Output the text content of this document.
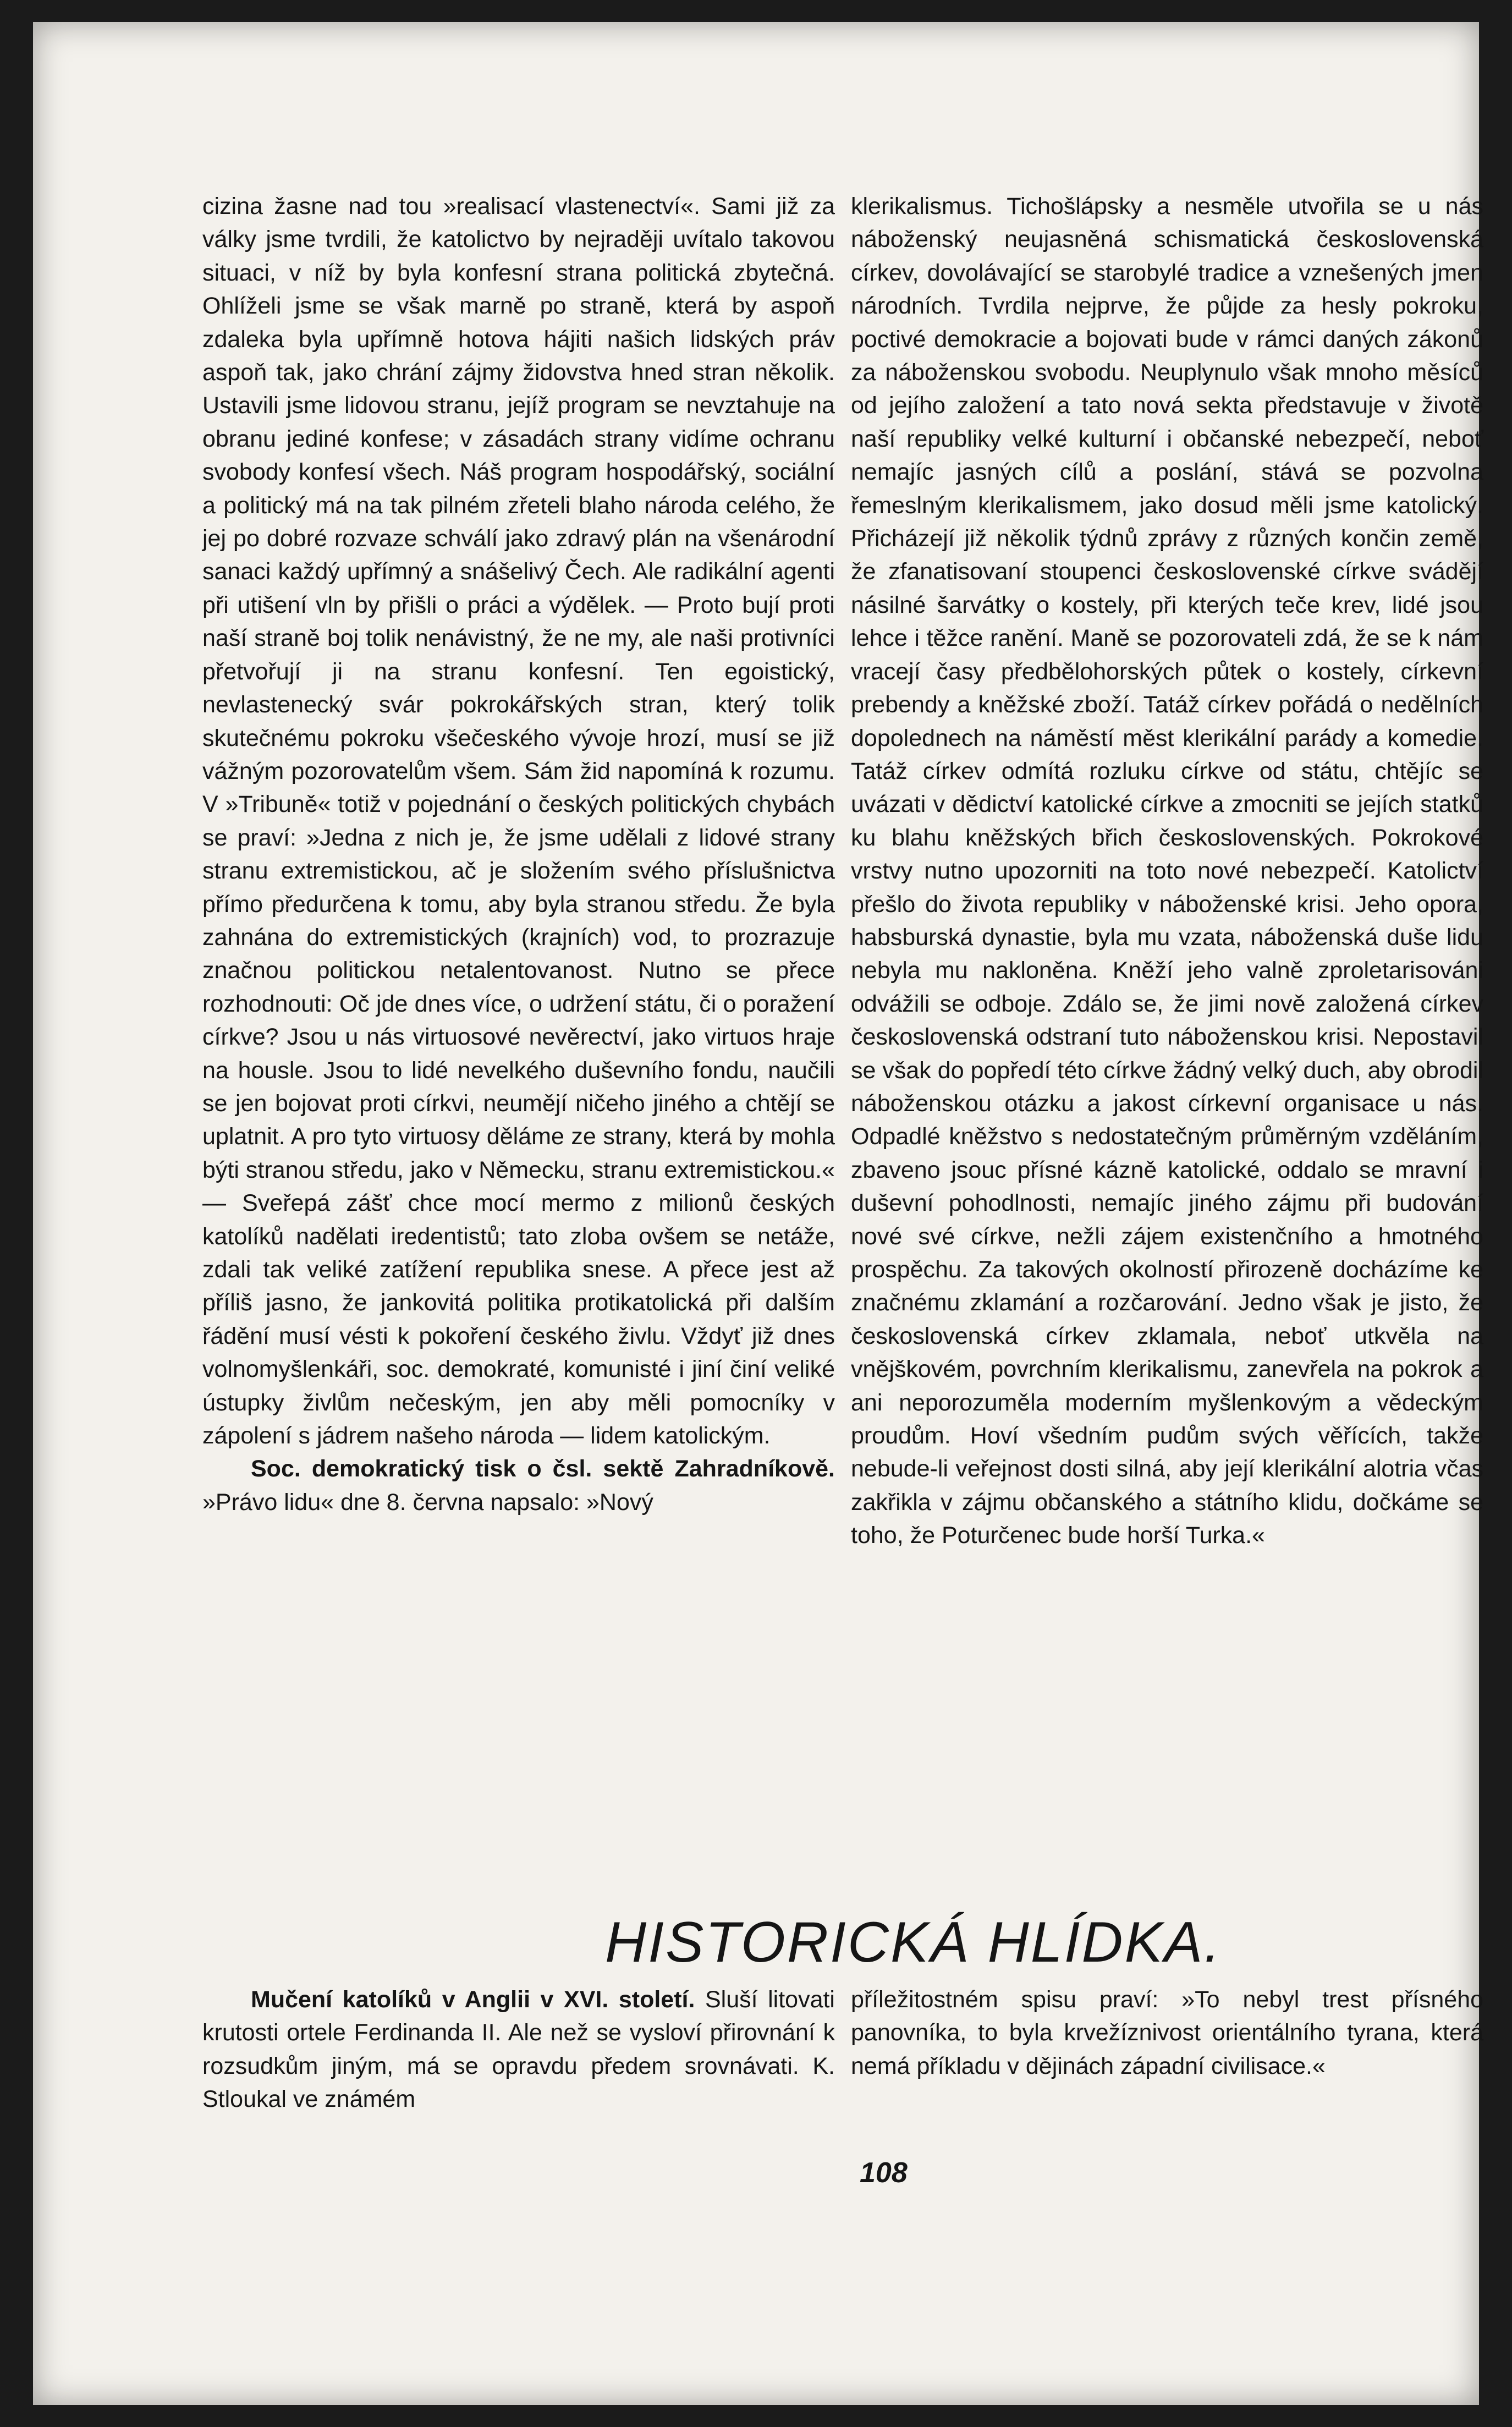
cizina žasne nad tou »realisací vlastenectví«. Sami již za války jsme tvrdili, že katolictvo by nejraději uvítalo takovou situaci, v níž by byla konfesní strana politická zbytečná. Ohlíželi jsme se však marně po straně, která by aspoň zdaleka byla upřímně hotova hájiti našich lidských práv aspoň tak, jako chrání zájmy židovstva hned stran několik. Ustavili jsme lidovou stranu, jejíž program se nevztahuje na obranu jediné konfese; v zásadách strany vidíme ochranu svobody konfesí všech. Náš program hospodářský, sociální a politický má na tak pilném zřeteli blaho národa celého, že jej po dobré rozvaze schválí jako zdravý plán na všenárodní sanaci každý upřímný a snášelivý Čech. Ale radikální agenti při utišení vln by přišli o práci a výdělek. — Proto bují proti naší straně boj tolik nenávistný, že ne my, ale naši protivníci přetvořují ji na stranu konfesní. Ten egoistický, nevlastenecký svár pokrokářských stran, který tolik skutečnému pokroku všečeského vývoje hrozí, musí se již vážným pozorovatelům všem. Sám žid napomíná k rozumu. V »Tribuně« totiž v pojednání o českých politických chybách se praví: »Jedna z nich je, že jsme udělali z lidové strany stranu extremistickou, ač je složením svého příslušnictva přímo předurčena k tomu, aby byla stranou středu. Že byla zahnána do extremistických (krajních) vod, to prozrazuje značnou politickou netalentovanost. Nutno se přece rozhodnouti: Oč jde dnes více, o udržení státu, či o poražení církve? Jsou u nás virtuosové nevěrectví, jako virtuos hraje na housle. Jsou to lidé nevelkého duševního fondu, naučili se jen bojovat proti církvi, neumějí ničeho jiného a chtějí se uplatnit. A pro tyto virtuosy děláme ze strany, která by mohla býti stranou středu, jako v Německu, stranu extremistickou.« — Sveřepá zášť chce mocí mermo z milionů českých katolíků nadělati iredentistů; tato zloba ovšem se netáže, zdali tak veliké zatížení republika snese. A přece jest až příliš jasno, že jankovitá politika protikatolická při dalším řádění musí vésti k pokoření českého živlu. Vždyť již dnes volnomyšlenkáři, soc. demokraté, komunisté i jiní činí veliké ústupky živlům nečeským, jen aby měli pomocníky v zápolení s jádrem našeho národa — lidem katolickým.

Soc. demokratický tisk o čsl. sektě Zahradníkově. »Právo lidu« dne 8. června napsalo: »Nový

klerikalismus. Tichošlápsky a nesměle utvořila se u nás náboženský neujasněná schismatická československá církev, dovolávající se starobylé tradice a vznešených jmen národních. Tvrdila nejprve, že půjde za hesly pokroku, poctivé demokracie a bojovati bude v rámci daných zákonů za náboženskou svobodu. Neuplynulo však mnoho měsíců od jejího založení a tato nová sekta představuje v životě naší republiky velké kulturní i občanské nebezpečí, neboť nemajíc jasných cílů a poslání, stává se pozvolna řemeslným klerikalismem, jako dosud měli jsme katolický. Přicházejí již několik týdnů zprávy z různých končin země, že zfanatisovaní stoupenci československé církve svádějí násilné šarvátky o kostely, při kterých teče krev, lidé jsou lehce i těžce ranění. Maně se pozorovateli zdá, že se k nám vracejí časy předbělohorských půtek o kostely, církevní prebendy a kněžské zboží. Tatáž církev pořádá o nedělních dopolednech na náměstí měst klerikální parády a komedie. Tatáž církev odmítá rozluku církve od státu, chtějíc se uvázati v dědictví katolické církve a zmocniti se jejích statků ku blahu kněžských břich československých. Pokrokové vrstvy nutno upozorniti na toto nové nebezpečí. Katolictví přešlo do života republiky v náboženské krisi. Jeho opora, habsburská dynastie, byla mu vzata, náboženská duše lidu nebyla mu nakloněna. Kněží jeho valně zproletarisováni odvážili se odboje. Zdálo se, že jimi nově založená církev československá odstraní tuto náboženskou krisi. Nepostavil se však do popředí této církve žádný velký duch, aby obrodil náboženskou otázku a jakost církevní organisace u nás. Odpadlé kněžstvo s nedostatečným průměrným vzděláním, zbaveno jsouc přísné kázně katolické, oddalo se mravní i duševní pohodlnosti, nemajíc jiného zájmu při budování nové své církve, nežli zájem existenčního a hmotného prospěchu. Za takových okolností přirozeně docházíme ke značnému zklamání a rozčarování. Jedno však je jisto, že československá církev zklamala, neboť utkvěla na vnějškovém, povrchním klerikalismu, zanevřela na pokrok a ani neporozuměla moderním myšlenkovým a vědeckým proudům. Hoví všedním pudům svých věřících, takže nebude-li veřejnost dosti silná, aby její klerikální alotria včas zakřikla v zájmu občanského a státního klidu, dočkáme se toho, že Poturčenec bude horší Turka.«

HISTORICKÁ HLÍDKA.

Mučení katolíků v Anglii v XVI. století. Sluší litovati krutosti ortele Ferdinanda II. Ale než se vysloví přirovnání k rozsudkům jiným, má se opravdu předem srovnávati. K. Stloukal ve známém

příležitostném spisu praví: »To nebyl trest přísného panovníka, to byla krvežíznivost orientálního tyrana, která nemá příkladu v dějinách západní civilisace.«

108
